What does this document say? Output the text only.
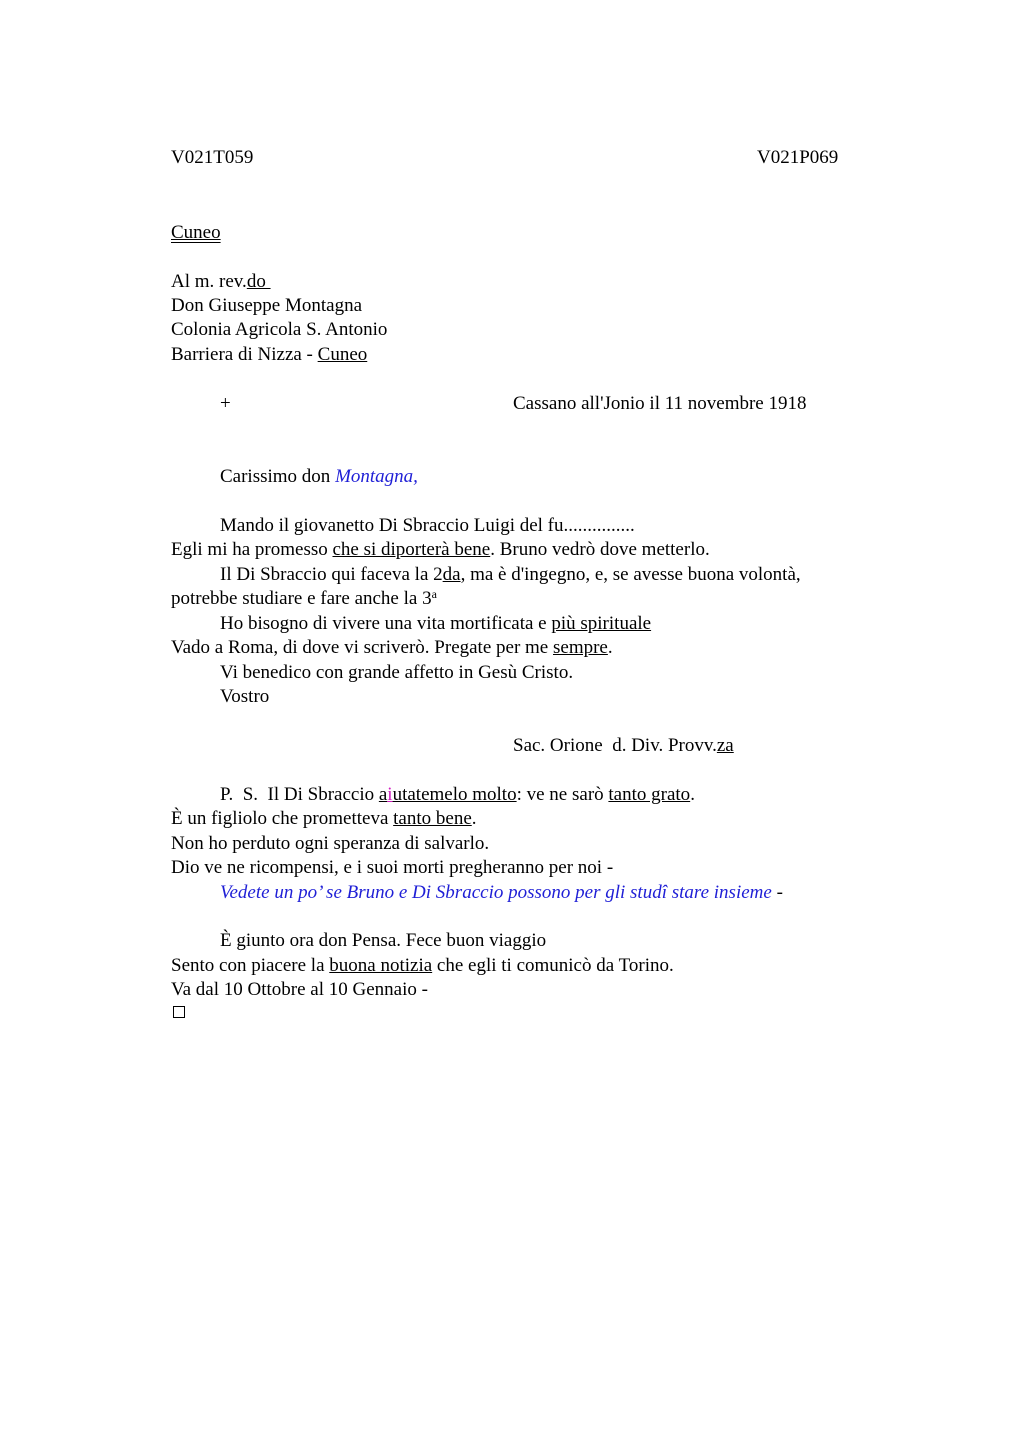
V021T059	V021P069
Cuneo
Al m. rev.do
Don Giuseppe Montagna
Colonia Agricola S. Antonio
Barriera di Nizza - Cuneo
+	Cassano all'Jonio il 11 novembre 1918
Carissimo don Montagna,
Mando il giovanetto Di Sbraccio Luigi del fu...............
Egli mi ha promesso che si diporterà bene. Bruno vedrò dove metterlo.
Il Di Sbraccio qui faceva la 2da, ma è d'ingegno, e, se avesse buona volontà,
potrebbe studiare e fare anche la 3$^a$
Ho bisogno di vivere una vita mortificata e più spirituale
Vado a Roma, di dove vi scriverò. Pregate per me sempre.
Vi benedico con grande affetto in Gesù Cristo.
Vostro
Sac. Orione  d. Div. Provv.za
P.  S.  Il Di Sbraccio aiutatemelo molto: ve ne sarò tanto grato.
È un figliolo che prometteva tanto bene.
Non ho perduto ogni speranza di salvarlo.
Dio ve ne ricompensi, e i suoi morti pregheranno per noi -
Vedete un po’ se Bruno e Di Sbraccio possono per gli studî stare insieme -
È giunto ora don Pensa. Fece buon viaggio
Sento con piacere la buona notizia che egli ti comunicò da Torino.
Va dal 10 Ottobre al 10 Gennaio -
